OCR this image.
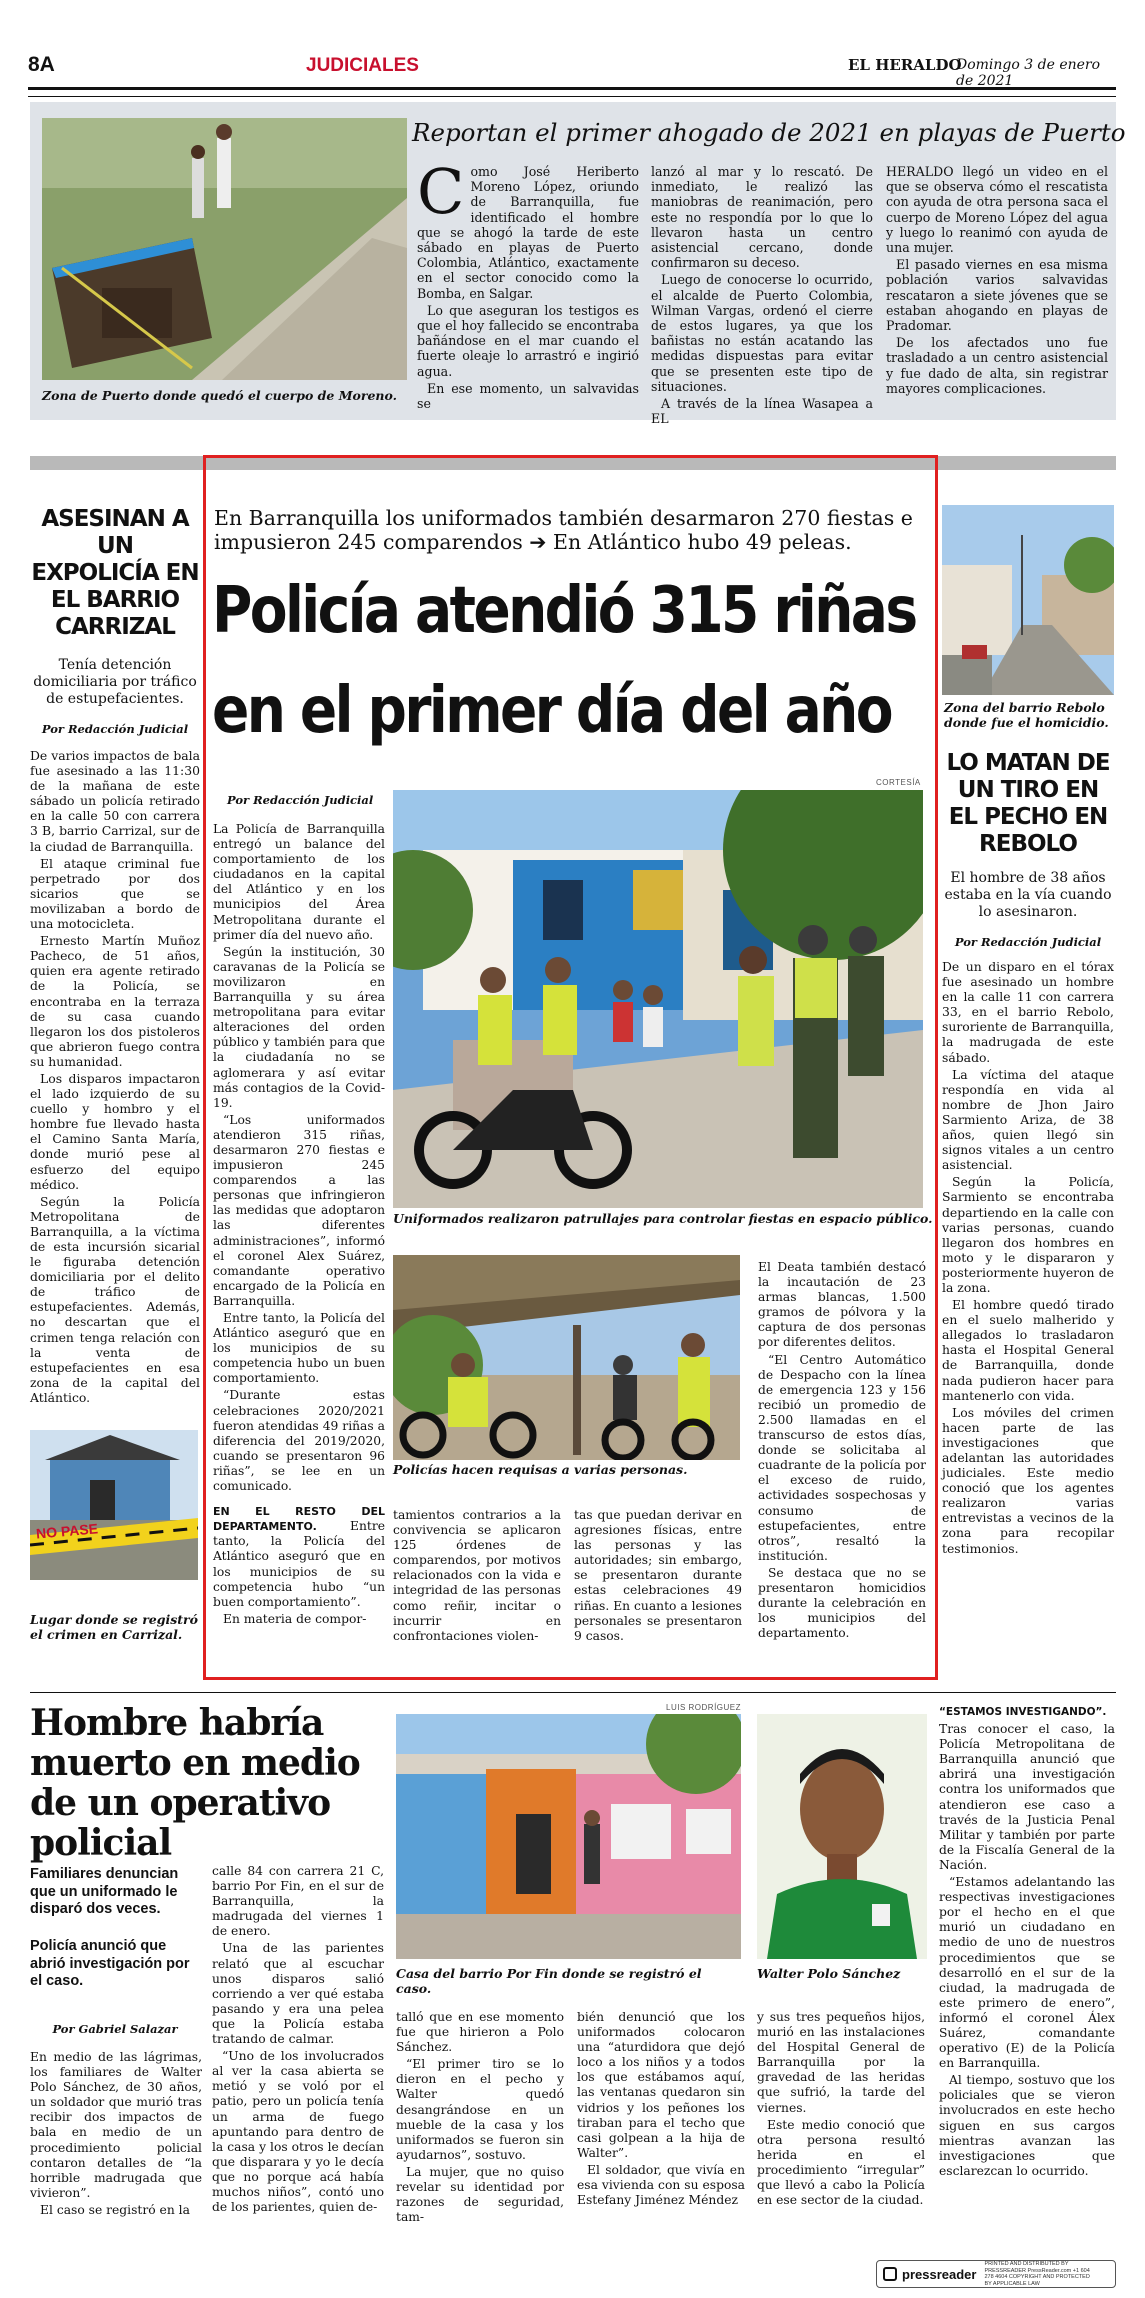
8A	JUDICIALES	EL HERALDO
Domingo 3 de enero de 2021
Zona de Puerto donde quedó el cuerpo de Moreno.
Reportan el primer ahogado de 2021 en playas de Puerto
C omo José Heriberto Moreno López, oriundo de Barranquilla, fue identificado el hombre que se ahogó la tarde de este sábado en playas de Puerto Colombia, Atlántico, exactamente en el sector conocido como la Bomba, en Salgar.

Lo que aseguran los testigos es que el hoy fallecido se encontraba bañándose en el mar cuando el fuerte oleaje lo arrastró e ingirió agua.

En ese momento, un salvavidas se

lanzó al mar y lo rescató. De inmediato, le realizó las maniobras de reanimación, pero este no respondía por lo que lo llevaron hasta un centro asistencial cercano, donde confirmaron su deceso.

Luego de conocerse lo ocurrido, el alcalde de Puerto Colombia, Wilman Vargas, ordenó el cierre de estos lugares, ya que los bañistas no están acatando las medidas dispuestas para evitar que se presenten este tipo de situaciones.

A través de la línea Wasapea a EL

HERALDO llegó un video en el que se observa cómo el rescatista con ayuda de otra persona saca el cuerpo de Moreno López del agua y luego lo reanimó con ayuda de una mujer.

El pasado viernes en esa misma población varios salvavidas rescataron a siete jóvenes que se estaban ahogando en playas de Pradomar.

De los afectados uno fue trasladado a un centro asistencial y fue dado de alta, sin registrar mayores complicaciones.

ASESINAN A UN EXPOLICÍA EN EL BARRIO CARRIZAL
Tenía detención domiciliaria por tráfico de estupefacientes.
Por Redacción Judicial

De varios impactos de bala fue asesinado a las 11:30 de la mañana de este sábado un policía retirado en la calle 50 con carrera 3 B, barrio Carrizal, sur de la ciudad de Barranquilla.

El ataque criminal fue perpetrado por dos sicarios que se movilizaban a bordo de una motocicleta.

Ernesto Martín Muñoz Pacheco, de 51 años, quien era agente retirado de la Policía, se encontraba en la terraza de su casa cuando llegaron los dos pistoleros que abrieron fuego contra su humanidad.

Los disparos impactaron el lado izquierdo de su cuello y hombro y el hombre fue llevado hasta el Camino Santa María, donde murió pese al esfuerzo del equipo médico.

Según la Policía Metropolitana de Barranquilla, a la víctima de esta incursión sicarial le figuraba detención domiciliaria por el delito de tráfico de estupefacientes. Además, no descartan que el crimen tenga relación con la venta de estupefacientes en esa zona de la capital del Atlántico.

NO PASE
Lugar donde se registró el crimen en Carrizal.
En Barranquilla los uniformados también desarmaron 270 fiestas e impusieron 245 comparendos ➔ En Atlántico hubo 49 peleas.
Policía atendió 315 riñas
en el primer día del año
Por Redacción Judicial

La Policía de Barranquilla entregó un balance del comportamiento de los ciudadanos en la capital del Atlántico y en los municipios del Área Metropolitana durante el primer día del nuevo año.

Según la institución, 30 caravanas de la Policía se movilizaron en Barranquilla y su área metropolitana para evitar alteraciones del orden público y también para que la ciudadanía no se aglomerara y así evitar más contagios de la Covid-19.

“Los uniformados atendieron 315 riñas, desarmaron 270 fiestas e impusieron 245 comparendos a las personas que infringieron las medidas que adoptaron las diferentes administraciones”, informó el coronel Alex Suárez, comandante operativo encargado de la Policía en Barranquilla.

Entre tanto, la Policía del Atlántico aseguró que en los municipios de su competencia hubo un buen comportamiento.

“Durante estas celebraciones 2020/2021 fueron atendidas 49 riñas a diferencia del 2019/2020, cuando se presentaron 96 riñas”, se lee en un comunicado.

EN EL RESTO DEL DEPARTAMENTO.	Entre tanto, la Policía del Atlántico aseguró que en los municipios de su competencia hubo “un buen comportamiento”.

En materia de compor-

CORTESÍA
Uniformados realizaron patrullajes para controlar fiestas en espacio público.
Policías hacen requisas a varias personas.

El Deata también destacó la incautación de 23 armas blancas, 1.500 gramos de pólvora y la captura de dos personas por diferentes delitos.

“El Centro Automático de Despacho con la línea de emergencia 123 y 156 recibió un promedio de 2.500 llamadas en el transcurso de estos días, donde se solicitaba al cuadrante de la policía por el exceso de ruido, actividades sospechosas y consumo de estupefacientes, entre otros”, resaltó la institución.

Se destaca que no se presentaron homicidios durante la celebración en los municipios del departamento.

tamientos contrarios a la convivencia se aplicaron 125 órdenes de comparendos, por motivos relacionados con la vida e integridad de las personas como reñir, incitar o incurrir en confrontaciones violen-

tas que puedan derivar en agresiones físicas, entre las personas y las autoridades; sin embargo, se presentaron durante estas celebraciones 49 riñas. En cuanto a lesiones personales se presentaron 9 casos.

Zona del barrio Rebolo donde fue el homicidio.
LO MATAN DE UN TIRO EN EL PECHO EN REBOLO
El hombre de 38 años estaba en la vía cuando lo asesinaron.
Por Redacción Judicial

De un disparo en el tórax fue asesinado un hombre en la calle 11 con carrera 33, en el barrio Rebolo, suroriente de Barranquilla, la madrugada de este sábado.

La víctima del ataque respondía en vida al nombre de Jhon Jairo Sarmiento Ariza, de 38 años, quien llegó sin signos vitales a un centro asistencial.

Según la Policía, Sarmiento se encontraba departiendo en la calle con varias personas, cuando llegaron dos hombres en moto y le dispararon y posteriormente huyeron de la zona.

El hombre quedó tirado en el suelo malherido y allegados lo trasladaron hasta el Hospital General de Barranquilla, donde nada pudieron hacer para mantenerlo con vida.

Los móviles del crimen hacen parte de las investigaciones que adelantan las autoridades judiciales. Este medio conoció que los agentes realizaron varias entrevistas a vecinos de la zona para recopilar testimonios.

Hombre habría muerto en medio de un operativo policial
Familiares denuncian que un uniformado le disparó dos veces.
Policía anunció que abrió investigación por el caso.
Por Gabriel Salazar

En medio de las lágrimas, los familiares de Walter Polo Sánchez, de 30 años, un soldador que murió tras recibir dos impactos de bala en medio de un procedimiento policial contaron detalles de “la horrible madrugada que vivieron”.

El caso se registró en la

calle 84 con carrera 21 C, barrio Por Fin, en el sur de Barranquilla, la madrugada del viernes 1 de enero.

Una de las parientes relató que al escuchar unos disparos salió corriendo a ver qué estaba pasando y era una pelea que la Policía estaba tratando de calmar.

“Uno de los involucrados al ver la casa abierta se metió y se voló por el patio, pero un policía tenía un arma de fuego apuntando para dentro de la casa y los otros le decían que disparara y yo le decía que no porque acá había muchos niños”, contó uno de los parientes, quien de-

LUIS RODRÍGUEZ
Casa del barrio Por Fin donde se registró el caso.
Walter Polo Sánchez

talló que en ese momento fue que hirieron a Polo Sánchez.

“El primer tiro se lo dieron en el pecho y Walter quedó desangrándose en un mueble de la casa y los uniformados se fueron sin ayudarnos”, sostuvo.

La mujer, que no quiso revelar su identidad por razones de seguridad, tam-

bién denunció que los uniformados colocaron una “aturdidora que dejó loco a los niños y a todos los que estábamos aquí, las ventanas quedaron sin vidrios y los peñones los tiraban para el techo que casi golpean a la hija de Walter”.

El soldador, que vivía en esa vivienda con su esposa Estefany Jiménez Méndez

y sus tres pequeños hijos, murió en las instalaciones del Hospital General de Barranquilla por la gravedad de las heridas que sufrió, la tarde del viernes.

Este medio conoció que otra persona resultó herida en el procedimiento “irregular” que llevó a cabo la Policía en ese sector de la ciudad.

“ESTAMOS INVESTIGANDO”.

Tras conocer el caso, la Policía Metropolitana de Barranquilla anunció que abrirá una investigación contra los uniformados que atendieron ese caso a través de la Justicia Penal Militar y también por parte de la Fiscalía General de la Nación.

“Estamos adelantando las respectivas investigaciones por el hecho en el que murió un ciudadano en medio de uno de nuestros procedimientos que se desarrolló en el sur de la ciudad, la madrugada de este primero de enero”, informó el coronel Álex Suárez, comandante operativo (E) de la Policía en Barranquilla.

Al tiempo, sostuvo que los policiales que se vieron involucrados en este hecho siguen en sus cargos mientras avanzan las investigaciones que esclarezcan lo ocurrido.

pressreader
PRINTED AND DISTRIBUTED BY PRESSREADER PressReader.com +1 604 278 4604 COPYRIGHT AND PROTECTED BY APPLICABLE LAW
